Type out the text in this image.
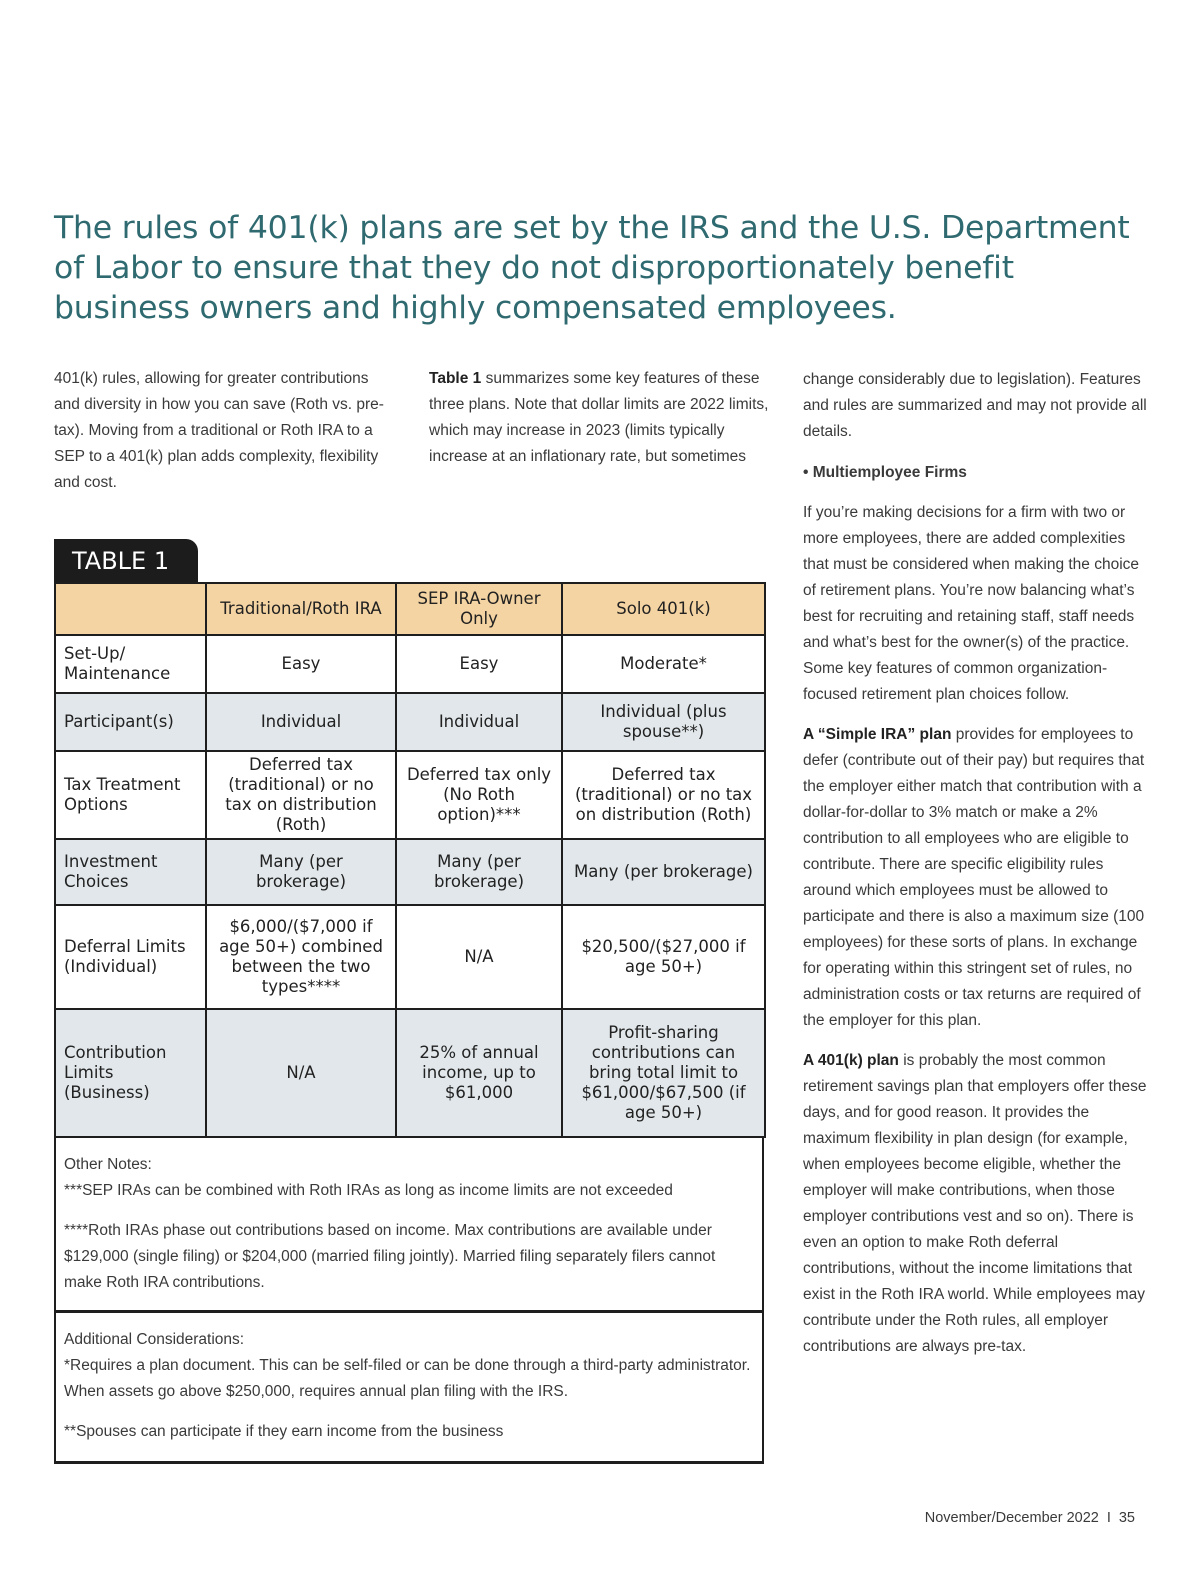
The rules of 401(k) plans are set by the IRS and the U.S. Department of Labor to ensure that they do not disproportionately benefit business owners and highly compensated employees.

401(k) rules, allowing for greater contributions and diversity in how you can save (Roth vs. pre-tax). Moving from a traditional or Roth IRA to a SEP to a 401(k) plan adds complexity, flexibility and cost.

Table 1 summarizes some key features of these three plans. Note that dollar limits are 2022 limits, which may increase in 2023 (limits typically increase at an inflationary rate, but sometimes

change considerably due to legislation). Features and rules are summarized and may not provide all details.

• Multiemployee Firms

If you’re making decisions for a firm with two or more employees, there are added complexities that must be considered when making the choice of retirement plans. You’re now balancing what’s best for recruiting and retaining staff, staff needs and what’s best for the owner(s) of the practice. Some key features of common organization-focused retirement plan choices follow.

A “Simple IRA” plan provides for employees to defer (contribute out of their pay) but requires that the employer either match that contribution with a dollar-for-dollar to 3% match or make a 2% contribution to all employees who are eligible to contribute. There are specific eligibility rules around which employees must be allowed to participate and there is also a maximum size (100 employees) for these sorts of plans. In exchange for operating within this stringent set of rules, no administration costs or tax returns are required of the employer for this plan.

A 401(k) plan is probably the most common retirement savings plan that employers offer these days, and for good reason. It provides the maximum flexibility in plan design (for example, when employees become eligible, whether the employer will make contributions, when those employer contributions vest and so on). There is even an option to make Roth deferral contributions, without the income limitations that exist in the Roth IRA world. While employees may contribute under the Roth rules, all employer contributions are always pre-tax.

TABLE 1
	Traditional/Roth IRA	SEP IRA-Owner Only	Solo 401(k)
Set-Up/ Maintenance	Easy	Easy	Moderate*
Participant(s)	Individual	Individual	Individual (plus spouse**)
Tax Treatment Options	Deferred tax (traditional) or no tax on distribution (Roth)	Deferred tax only (No Roth option)***	Deferred tax (traditional) or no tax on distribution (Roth)
Investment Choices	Many (per brokerage)	Many (per brokerage)	Many (per brokerage)
Deferral Limits (Individual)	$6,000/($7,000 if age 50+) combined between the two types****	N/A	$20,500/($27,000 if age 50+)
Contribution Limits (Business)	N/A	25% of annual income, up to $61,000	Profit-sharing contributions can bring total limit to $61,000/$67,500 (if age 50+)

Other Notes:

***SEP IRAs can be combined with Roth IRAs as long as income limits are not exceeded

****Roth IRAs phase out contributions based on income. Max contributions are available under $129,000 (single filing) or $204,000 (married filing jointly). Married filing separately filers cannot make Roth IRA contributions.

Additional Considerations:

*Requires a plan document. This can be self-filed or can be done through a third-party administrator. When assets go above $250,000, requires annual plan filing with the IRS.

**Spouses can participate if they earn income from the business

November/December 2022 I 35
